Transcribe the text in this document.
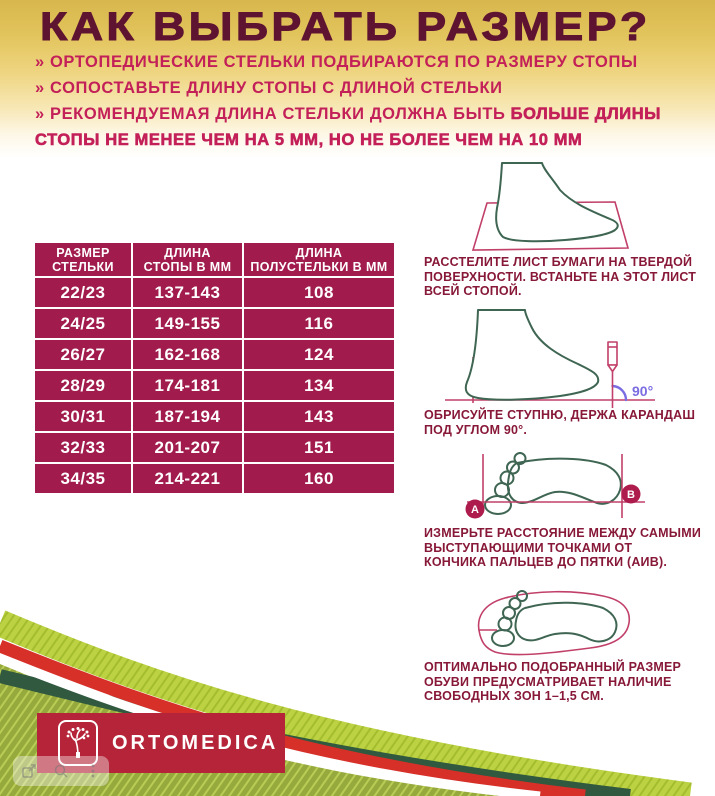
КАК ВЫБРАТЬ РАЗМЕР?
» ОРТОПЕДИЧЕСКИЕ СТЕЛЬКИ ПОДБИРАЮТСЯ ПО РАЗМЕРУ СТОПЫ
» СОПОСТАВЬТЕ ДЛИНУ СТОПЫ С ДЛИНОЙ СТЕЛЬКИ
» РЕКОМЕНДУЕМАЯ ДЛИНА СТЕЛЬКИ ДОЛЖНА БЫТЬ БОЛЬШЕ ДЛИНЫ
СТОПЫ НЕ МЕНЕЕ ЧЕМ НА 5 ММ, НО НЕ БОЛЕЕ ЧЕМ НА 10 ММ
РАЗМЕР
СТЕЛЬКИ

ДЛИНА
СТОПЫ В ММ

ДЛИНА
ПОЛУСТЕЛЬКИ В ММ

22/23	137-143	108
24/25	149-155	116
26/27	162-168	124
28/29	174-181	134
30/31	187-194	143
32/33	201-207	151
34/35	214-221	160
РАССТЕЛИТЕ ЛИСТ БУМАГИ НА ТВЕРДОЙ
ПОВЕРХНОСТИ. ВСТАНЬТЕ НА ЭТОТ ЛИСТ
ВСЕЙ СТОПОЙ.
90°
ОБРИСУЙТЕ СТУПНЮ, ДЕРЖА КАРАНДАШ
ПОД УГЛОМ 90°.
А
В
ИЗМЕРЬТЕ РАССТОЯНИЕ МЕЖДУ САМЫМИ
ВЫСТУПАЮЩИМИ ТОЧКАМИ ОТ
КОНЧИКА ПАЛЬЦЕВ ДО ПЯТКИ (АИВ).
ОПТИМАЛЬНО ПОДОБРАННЫЙ РАЗМЕР
ОБУВИ ПРЕДУСМАТРИВАЕТ НАЛИЧИЕ
СВОБОДНЫХ ЗОН 1–1,5 СМ.
ORTOMEDICA
